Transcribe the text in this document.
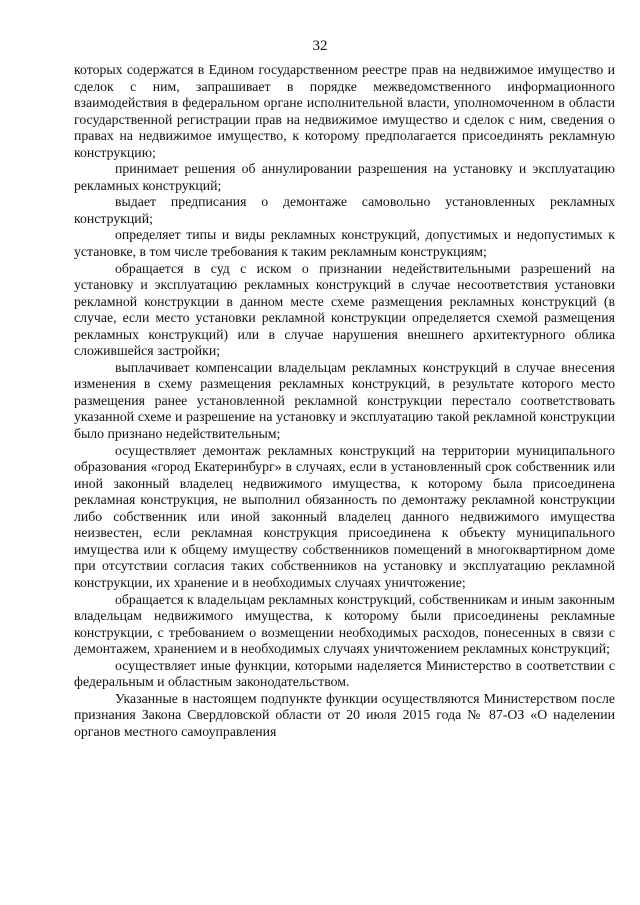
32

которых содержатся в Едином государственном реестре прав на недвижимое имущество и сделок с ним, запрашивает в порядке межведомственного информационного взаимодействия в федеральном органе исполнительной власти, уполномоченном в области государственной регистрации прав на недвижимое имущество и сделок с ним, сведения о правах на недвижимое имущество, к которому предполагается присоединять рекламную конструкцию;

принимает решения об аннулировании разрешения на установку и эксплуатацию рекламных конструкций;

выдает предписания о демонтаже самовольно установленных рекламных конструкций;

определяет типы и виды рекламных конструкций, допустимых и недопустимых к установке, в том числе требования к таким рекламным конструкциям;

обращается в суд с иском о признании недействительными разрешений на установку и эксплуатацию рекламных конструкций в случае несоответствия установки рекламной конструкции в данном месте схеме размещения рекламных конструкций (в случае, если место установки рекламной конструкции определяется схемой размещения рекламных конструкций) или в случае нарушения внешнего архитектурного облика сложившейся застройки;

выплачивает компенсации владельцам рекламных конструкций в случае внесения изменения в схему размещения рекламных конструкций, в результате которого место размещения ранее установленной рекламной конструкции перестало соответствовать указанной схеме и разрешение на установку и эксплуатацию такой рекламной конструкции было признано недействительным;

осуществляет демонтаж рекламных конструкций на территории муниципального образования «город Екатеринбург» в случаях, если в установленный срок собственник или иной законный владелец недвижимого имущества, к которому была присоединена рекламная конструкция, не выполнил обязанность по демонтажу рекламной конструкции либо собственник или иной законный владелец данного недвижимого имущества неизвестен, если рекламная конструкция присоединена к объекту муниципального имущества или к общему имуществу собственников помещений в многоквартирном доме при отсутствии согласия таких собственников на установку и эксплуатацию рекламной конструкции, их хранение и в необходимых случаях уничтожение;

обращается к владельцам рекламных конструкций, собственникам и иным законным владельцам недвижимого имущества, к которому были присоединены рекламные конструкции, с требованием о возмещении необходимых расходов, понесенных в связи с демонтажем, хранением и в необходимых случаях уничтожением рекламных конструкций;

осуществляет иные функции, которыми наделяется Министерство в соответствии с федеральным и областным законодательством.

Указанные в настоящем подпункте функции осуществляются Министерством после признания Закона Свердловской области от 20 июля 2015 года № 87-ОЗ «О наделении органов местного самоуправления
